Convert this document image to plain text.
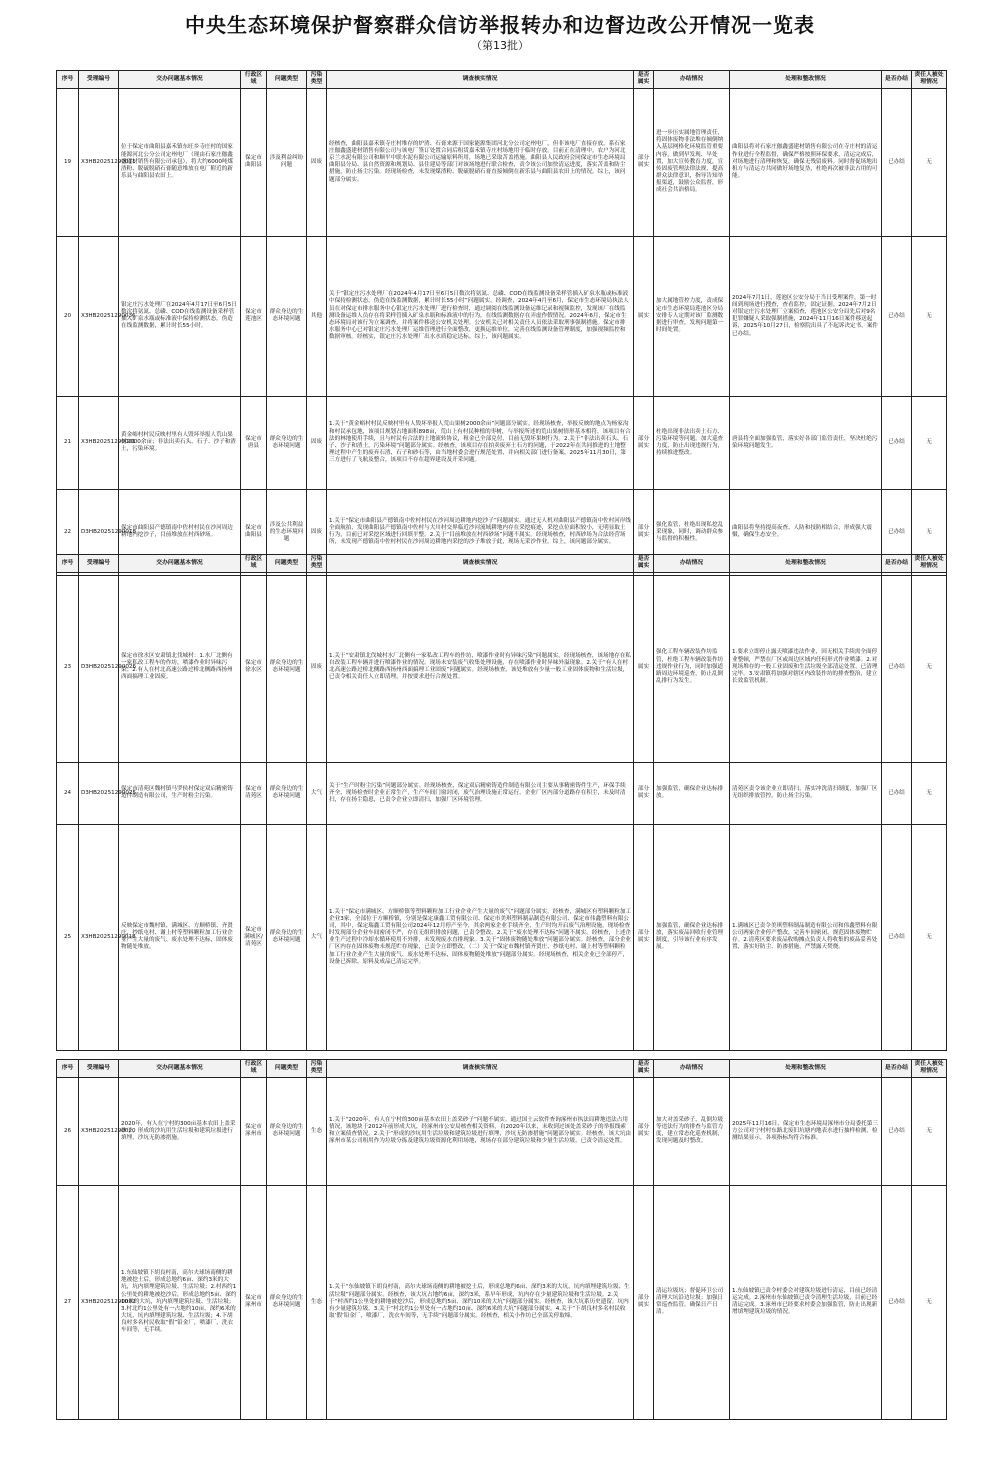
中央生态环境保护督察群众信访举报转办和边督边改公开情况一览表
（第13批）
序号	受理编号	交办问题基本情况	行政区域	问题类型	污染类型	调查核实情况	是否属实	办结情况	处理和整改情况	是否办结	责任人被处理情况
19	X3HB20251290011	位于保定市曲阳县嘉禾镇东旺乡寺庄村的国家能源河北公分公司定州电厂（现由石家庄伽鑫盛建材销售有限公司承包），将大约6000吨煤渣粉、脱硫脱硝石膏随意堆放在电厂附近的新乐县与曲阳县农田上。	保定市曲阳县	涉及利益纠纷问题	固废	经核查，曲阳县嘉禾镇寺庄村堆存的炉渣、石膏来源于国家能源集团河北分公司定州电厂，但非该电厂直接存放，系石家庄伽鑫盛建材销售有限公司与该电厂签订处置合同后租赁嘉禾镇寺庄村场地用于临时存放，目前正在清理中。农户为河北京兰水泥有限公司和顺平中联水泥有限公司运输原料所用，场地已采取苫盖措施。曲阳县人民政府会同保定市生态环境局曲阳县分局、县自然资源和规划局、县住建局等部门对该场地进行联合检查，责令该公司加快清运进度，落实苫盖和防尘措施，防止扬尘污染。经现场检查，未发现煤渣粉、脱硫脱硝石膏直接倾倒在新乐县与曲阳县农田上的情况。综上，该问题部分属实。	部分属实	进一步压实属地管理责任，将固体废物非法堆存倾倒纳入基层网格化环境监管重要内容，做到早发现、早处置，加大宣传教育力度，宣传固废管理法律法规，提高群众法律意识，指导告知举报渠道，鼓励公众监督，形成社会共治格局。	曲阳县将对石家庄伽鑫盛建材销售有限公司在寺庄村的清运作业进行全程监督，确保严格按照环保要求，清运完成后，对场地进行清理和恢复，确保无残留废料。同时督促场地出租方与清运方共同做好场地复垦，杜绝再次被非法占用的可能。	已办结	无
20	X3HB20251290036	银定庄污水处理厂在2024年4月17日至6月5日数次将氨氮、总磷、COD在线监测设备采样管插入矿泉水瓶或标准液中保持检测状态，伪造在线监测数据，累计时长55小时。	保定市莲池区	群众身边的生态环境问题	其他	关于“银定庄污水处理厂在2024年4月17日至6月5日数次将氨氮、总磷、COD在线监测设备采样管插入矿泉水瓶或标准液中保持检测状态，伪造在线监测数据，累计时长55小时”问题属实。经调查，2024年4月至6月，保定市生态环境局执法人员在对保定市排水服务中心银定庄污水处理厂进行检查时，通过调阅在线监测设备运维记录和视频监控，发现该厂在线监测设备运维人员存在将采样管插入矿泉水瓶和标准液中的行为，在线监测数据存在弄虚作假情况。2024年6月，保定市生态环境局对该行为立案调查，并将案件移送公安机关处理。公安机关已对相关责任人员依法采取刑事强制措施。保定市排水服务中心已对银定庄污水处理厂运维管理进行全面整改，更换运维单位，完善在线监测设备管理制度，加强视频监控和数据审核。经核实，银定庄污水处理厂出水水质稳定达标。综上，该问题属实。	属实	加大属地管控力度，责成保定市生态环境局莲池区分局安排专人定期对该厂监测数据进行审查，发现问题第一时间处置。	2024年7月1日，莲池区公安分局于当日受理案件，第一时间到现场进行搜查，查看监控，固定证据。2024年7月2日对银定庄污水处理厂立案侦查，莲池区公安分局先后对9名犯罪嫌疑人采取强制措施，2024年11月16日案件移送起诉，2025年10月27日，检察院出具了不起诉决定书，案件已办结。	已办结	无
21	X3HB20251290001	黄金峪村村民反映村里有人毁坏举报人荒山果树2000余亩；非法出卖石头、石子、沙子和渣土，污染环境。	保定市唐县	群众身边的生态环境问题	固废	1.关于“黄金峪村村民反映村里有人毁坏举报人荒山果树2000余亩”问题部分属实。经现场核查，举报反映的地点为杨家沟和村民承包地，该项目规划占地面积898亩，荒山上有村民种植的枣树，与举报所述的荒山果树情形基本相符，该项目有合法的林地使用手续，且与村民有合法的土地流转协议，租金已全部兑付，目前无毁坏果树行为。2.关于“非法出卖石头、石子、沙子和渣土，污染环境”问题部分属实。经核查，该项目存在拍卖废弃土石方的问题，于2022年在共同推进的土地整理过程中产生的废弃石渣、石子和砂石等，由当地村委会进行规范处置，并向相关部门进行备案，2025年11月30日，第三方进行了飞航及整合，该项目不存在超界建设及开采问题。	部分属实	杜绝出现非法出卖土石方、污染环境等问题，加大巡查力度，防止出现违规行为，持续推进整改。	唐县将全面加强监管，落实好各部门监管责任，坚决杜绝污染环境问题发生。	已办结	无
22	D3HB20251290018	保定市曲阳县产德镇南中佐村村民在沙河周边耕地内挖沙子，目前堆放在村西砂场。	保定市曲阳县	涉及公共利益的生态环境问题	固废	1.关于“保定市曲阳县产德镇南中佐村村民在沙河周边耕地内挖沙子”问题属实。通过无人机对曲阳县产德镇南中佐村河岸线全面航拍，发现曲阳县产德镇南中佐村与大川村交界临近沙河流域耕地内存在采挖痕迹，采挖点位面积较小，无明显取土行为，目前已对采挖区域进行回填平整。2.关于“目前堆放在村西砂场”问题不属实。经现场核查，村西砂场为合法经营场所，未发现产德镇南中佐村村民在沙河周边耕地内采挖的沙子堆放于此，现场无采沙作业。综上，该问题部分属实。	部分属实	强化监管，杜绝出现私挖乱采现象，同时，调动群众参与监督的积极性。	曲阳县将坚持提高夜查、人防和技防相结合，形成强大震慑，确保生态安全。	已办结	无
序号	受理编号	交办问题基本情况	行政区域	问题类型	污染类型	调查核实情况	是否属实	办结情况	处理和整改情况	是否办结	责任人被处理情况
23	D3HB20251290026	保定市徐水区安肃镇北伐城村：1.水厂北侧有一家私改工程车的作坊，喷漆作业时异味污染；2.有人在村北高速公路过桥北侧路西扬州西面搞理工业固废。	保定市徐水区	群众身边的生态环境问题	固废	1.关于“安肃镇北伐城村水厂北侧有一家私改工程车的作坊，喷漆作业时有异味污染”问题属实。经现场核查，该场地存在私自改装工程车辆并进行喷漆作业的情况，现场未安装废气收集处理设施，存在喷漆作业时异味外溢现象。2.关于“有人在村北高速公路过桥北侧路西扬州西面搞理工业固废”问题属实。经现场核查，该处堆放有少量一般工业固体废物和生活垃圾，已责令相关责任人立即清理，并按要求进行合规处置。	属实	强化工程车辆改装作坊监管，杜绝工程车辆改装作坊违规作业行为，同时加强道路周边环境巡查，防止乱倒乱排行为发生。	1.要求立即停止露天喷漆违法作业，因无相关手续需全面停业整顿，严禁在厂区或周边区域内任何形式作业喷漆。2.对现场堆存的一般工业固废和生活垃圾全部清运处置，已清理完毕。3.安肃镇将加强对辖区内改装作坊的排查整治，建立长效监管机制。	已办结	无
24	D3HB20251290025	保定市清苑区魏村镇马罗侯村保定双启精密铸造件制造有限公司，生产时粉尘污染。	保定市清苑区	群众身边的生态环境问题	大气	关于“生产时粉尘污染”问题部分属实。经现场核查，保定双启精密铸造件制造有限公司主要从事精密铸件生产，环保手续齐全，现场检查时企业正常生产，生产车间门窗封闭，废气治理设施正常运行。企业厂区内部分道路存在积尘，未及时清扫，存在扬尘隐患，已责令企业立即清扫，加强厂区环境管理。	部分属实	加强监管，确保企业达标排放。	清苑区责令该企业立即清扫，落实冲洗清扫制度，加强厂区无组织排放管控，防止扬尘污染。	已办结	无
25	X3HB20251290018	反映保定市魏村镇、满城区、方顺桥镇、齐贤庄、抄纸屯村、谢上村等塑料颗粒加工行业企业产生大量的废气、废水处理不达标，固体废物随处堆放。	保定市满城区/清苑区	群众身边的生态环境问题	大气	1.关于“保定市满城区、方顺桥镇等塑料颗粒加工行业企业产生大量的废气”问题部分属实。经核查，满城区有塑料颗粒加工企业3家，全部位于方顺桥镇，分别是保定康鑫工贸有限公司、保定市美琪塑料制品制造有限公司、保定市伟鑫塑料有限公司，其中，保定瑞鑫工贸有限公司2024年12月停产至今，其余两家企业手续齐全，生产时均开启废气治理设施，现场检查时发现部分企业车间密闭不严，存在无组织排放问题，已责令整改。2.关于“废水处理不达标”问题不属实。经核查，上述企业生产过程中冷却水循环使用不外排，未发现废水直排现象。3.关于“固体废物随处堆放”问题部分属实。经核查，部分企业厂区内存在固体废物未规范贮存现象，已责令立即整改。（二）关于“保定市魏村镇齐贤庄、抄纸屯村、谢上村等塑料颗粒加工行业企业产生大量的废气、废水处理不达标，固体废物随处堆放”问题部分属实。经现场核查，相关企业已全部停产，设备已拆除，原料及成品已清运完毕。	部分属实	加强监管，确保企业达标排放，落实废品回收行业管理制度，引导该行业有序发展。	1.满城区已责令美琪塑料制品制造有限公司和伟鑫塑料有限公司两家企业停产整改，完善车间密闭，规范固体废物贮存。2.清苑区要求废品收购摊点负责人将收集的废品妥善处置，落实好防尘、防渗措施，严禁露天焚烧。	已办结	无
序号	受理编号	交办问题基本情况	行政区域	问题类型	污染类型	调查核实情况	是否属实	办结情况	处理和整改情况	是否办结	责任人被处理情况
26	X3HB20251290020	2020年，有人在宁村的300亩基本农田上盖采砂子，形成的沙坑用生活垃圾和建筑垃圾进行填埋，沙坑无防渗措施。	保定市涿州市	群众身边的生态环境问题	生态	1.关于“2020年，有人在宁村的300亩基本农田上盖采砂子”问题不属实。通过国土云软件查询涿州市执法局耕地违法占用情况，该地块于2012年前形成大坑，经涿州市公安局核查相关资料，自2020年以来，未收到过该处盖采砂子的举报线索和立案侦查情况。2.关于“形成的沙坑用生活垃圾和建筑垃圾进行填埋，沙坑无防渗措施”问题部分属实。经核查，该大坑由涿州市某公司租用作为垃圾分拣及建筑垃圾资源化利用场地，现场存在部分建筑垃圾和少量生活垃圾，已责令清运处置。	部分属实	加大对盖采砂子、乱倒垃圾等违法行为的排查与监管力度，建立常态化巡查机制，发现问题及时整改。	2025年11月16日，保定市生态环境局涿州市分局委托第三方公司对宁村村东路北废旧坑塘内地表水进行抽样检测，检测结果显示，各项指标均符合标准。	已办结	无
27	X3HB20251290002	1.东仙坡镇下胡良村南，高尔夫球场南侧的耕地被挖土后，形成总地约6亩、深约3米的大坑，坑内填埋建筑垃圾、生活垃圾；2.村西约1公里处的耕地被挖沙后，形成总地约5亩、深约10米的大坑，坑内填埋建筑垃圾、生活垃圾；3.村北约1公里处有一占地约10亩、深约6米的大坑，坑内填埋建筑垃圾、生活垃圾；4.下胡良村多名村民收取“假”铅金厂，喷漆厂，洗衣车间等，无手续。	保定市涿州市	群众身边的生态环境问题	生态	1.关于“东仙坡镇下胡良村南，高尔夫球场南侧的耕地被挖土后，形成总地约6亩、深约3米的大坑，坑内填埋建筑垃圾、生活垃圾”问题部分属实。经核查，该大坑占地约6亩，深约3米，系早年形成，坑内存在少量建筑垃圾和生活垃圾。2.关于“村西约1公里处的耕地被挖沙后，形成总地约5亩、深约10米的大坑”问题部分属实。经核查，该大坑系历史遗留，坑内有少量建筑垃圾。3.关于“村北约1公里处有一占地约10亩、深约6米的大坑”问题部分属实。4.关于“下胡良村多名村民收取‘假’铅金厂，喷漆厂，洗衣车间等，无手续”问题部分属实。经核查，相关小作坊已全部关停取缔。	部分属实	清运垃圾坑；督促环卫公司清理大坑沿边垃圾；加强日常巡查监管，确保日产日清。	1.东仙坡镇已责令村委会对建筑垃圾进行清运，目前已经清运完成。2.涿州市东仙坡镇已责令清理生活垃圾，目前已经清运完成。3.涿州市已经要求村委会加强监管，防止出现新增填埋建筑垃圾的情况。	已办结	无
